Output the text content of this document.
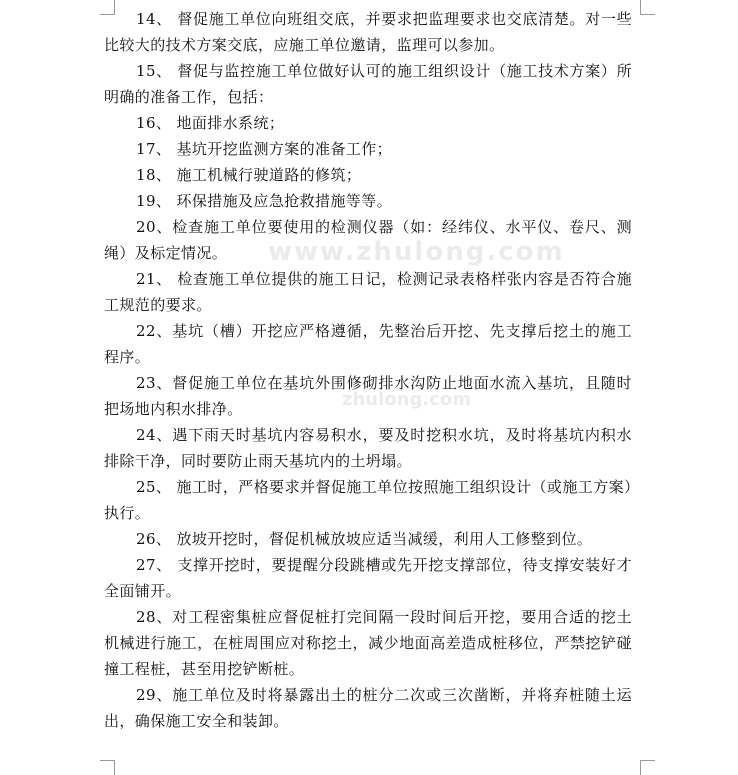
14、 督促施工单位向班组交底，并要求把监理要求也交底清楚。对一些比较大的技术方案交底，应施工单位邀请，监理可以参加。

15、 督促与监控施工单位做好认可的施工组织设计（施工技术方案）所明确的准备工作，包括：

16、 地面排水系统；

17、 基坑开挖监测方案的准备工作；

18、 施工机械行驶道路的修筑；

19、 环保措施及应急抢救措施等等。

20、检查施工单位要使用的检测仪器（如：经纬仪、水平仪、卷尺、测绳）及标定情况。

21、 检查施工单位提供的施工日记，检测记录表格样张内容是否符合施工规范的要求。

22、基坑（槽）开挖应严格遵循，先整治后开挖、先支撑后挖土的施工程序。

23、督促施工单位在基坑外围修砌排水沟防止地面水流入基坑，且随时把场地内积水排净。

24、遇下雨天时基坑内容易积水，要及时挖积水坑，及时将基坑内积水排除干净，同时要防止雨天基坑内的土坍塌。

25、 施工时，严格要求并督促施工单位按照施工组织设计（或施工方案）执行。

26、 放坡开挖时，督促机械放坡应适当减缓，利用人工修整到位。

27、 支撑开挖时，要提醒分段跳槽或先开挖支撑部位，待支撑安装好才全面铺开。

28、对工程密集桩应督促桩打完间隔一段时间后开挖，要用合适的挖土机械进行施工，在桩周围应对称挖土，减少地面高差造成桩移位，严禁挖铲碰撞工程桩，甚至用挖铲断桩。

29、施工单位及时将暴露出土的桩分二次或三次凿断，并将弃桩随土运出，确保施工安全和装卸。

www.zhulong.com
zhulong.com
